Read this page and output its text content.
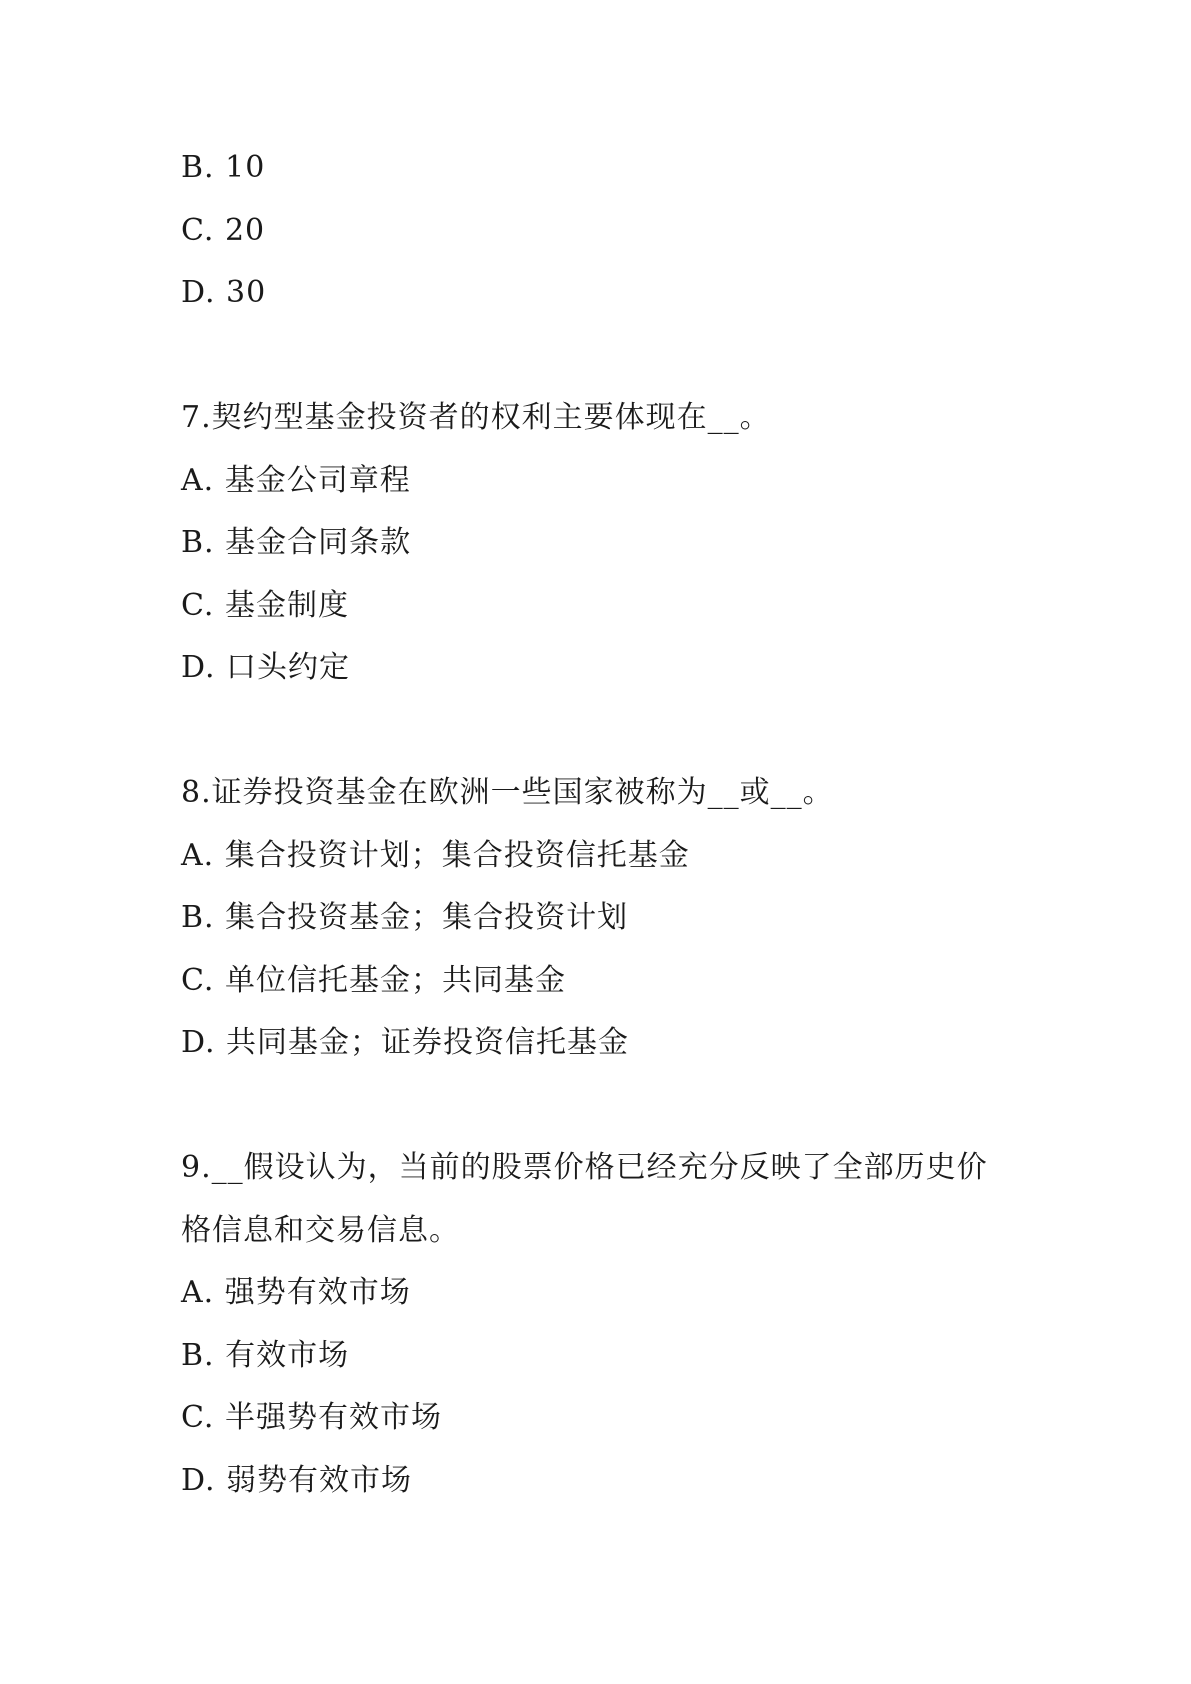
B. 10
C. 20
D. 30
7.契约型基金投资者的权利主要体现在__。
A. 基金公司章程
B. 基金合同条款
C. 基金制度
D. 口头约定
8.证券投资基金在欧洲一些国家被称为__或__。
A. 集合投资计划；集合投资信托基金
B. 集合投资基金；集合投资计划
C. 单位信托基金；共同基金
D. 共同基金；证券投资信托基金
9.__假设认为，当前的股票价格已经充分反映了全部历史价
格信息和交易信息。
A. 强势有效市场
B. 有效市场
C. 半强势有效市场
D. 弱势有效市场
